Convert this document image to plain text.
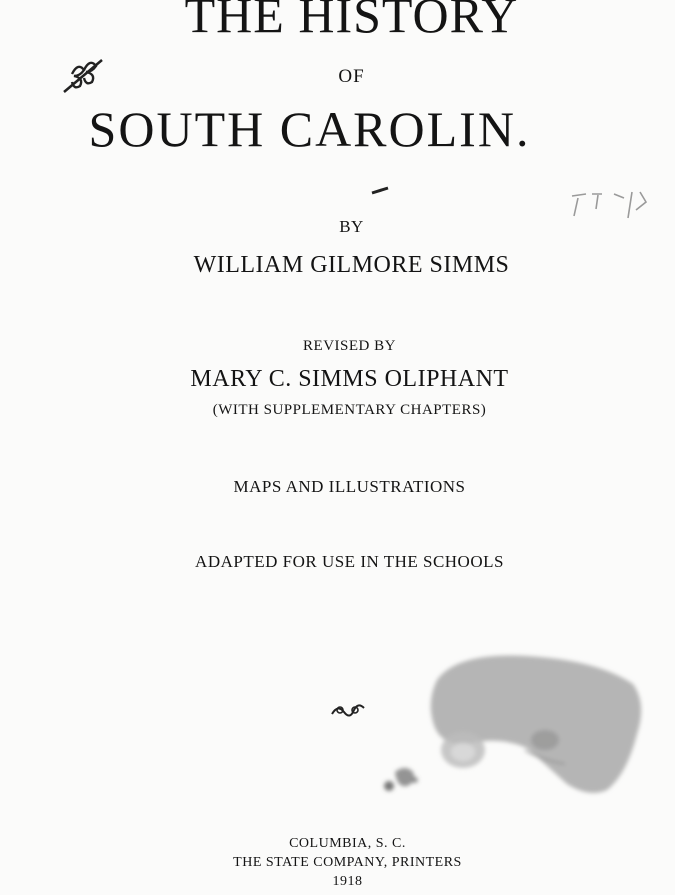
THE HISTORY
OF
SOUTH CAROLIN.
BY
WILLIAM GILMORE SIMMS
REVISED BY
MARY C. SIMMS OLIPHANT
(WITH SUPPLEMENTARY CHAPTERS)
MAPS AND ILLUSTRATIONS
ADAPTED FOR USE IN THE SCHOOLS
COLUMBIA, S. C.
THE STATE COMPANY, PRINTERS
1918
